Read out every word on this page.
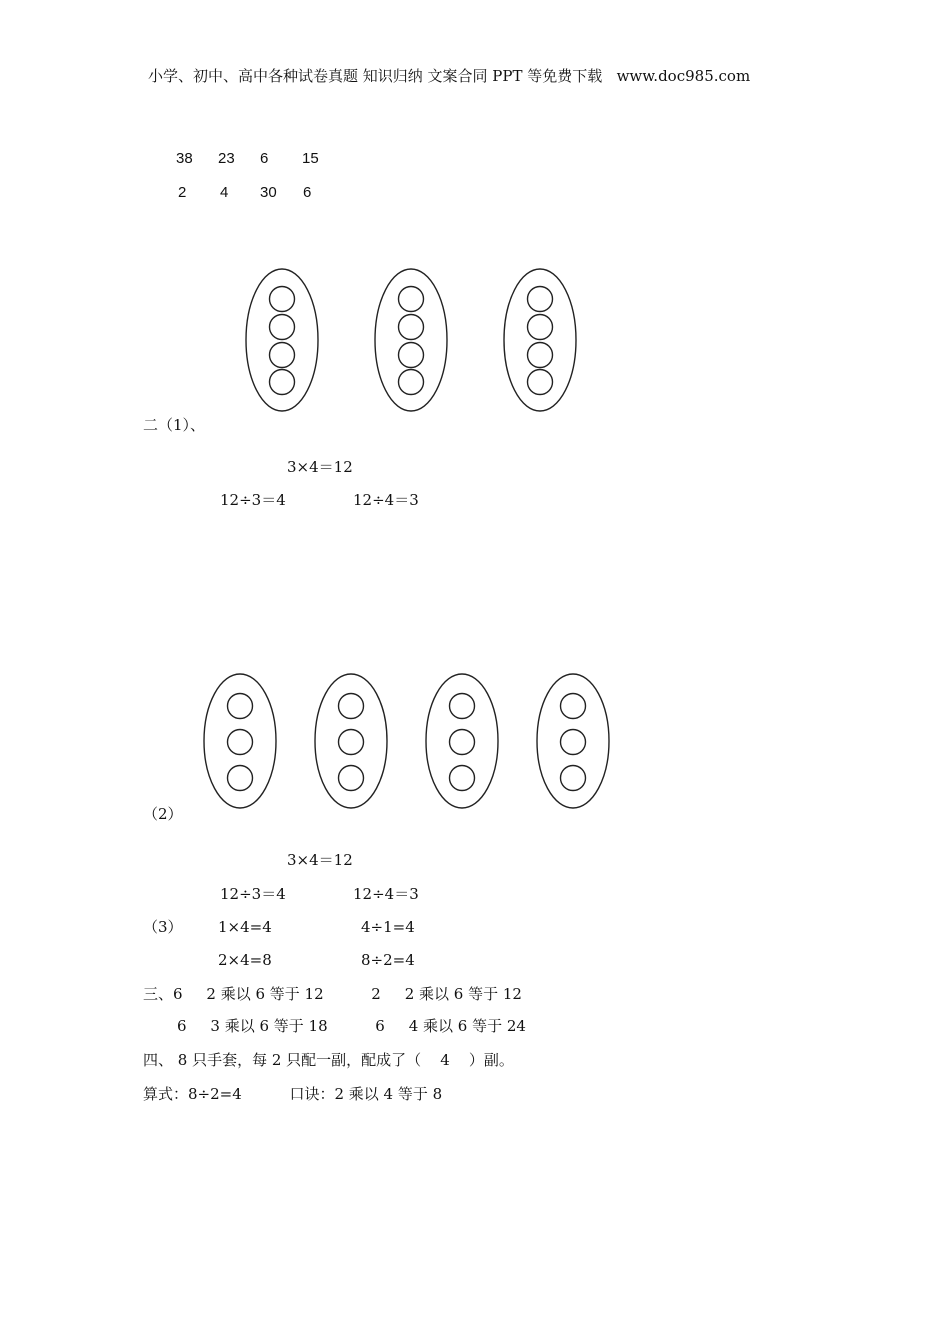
小学、初中、高中各种试卷真题 知识归纳 文案合同 PPT 等免费下载   www.doc985.com
38 23 6 15
2 4 30 6
二（1）、
3×4＝12
12÷3＝4	12÷4＝3
（2）
3×4＝12
12÷3＝4	12÷4＝3
（3） 1×4=4	4÷1=4
2×4=8	8÷2=4
三、6     2 乘以 6 等于 12          2     2 乘以 6 等于 12
6     3 乘以 6 等于 18          6     4 乘以 6 等于 24
四、 8 只手套，每 2 只配一副，配成了（    4    ）副。
算式：8÷2=4          口诀：2 乘以 4 等于 8
